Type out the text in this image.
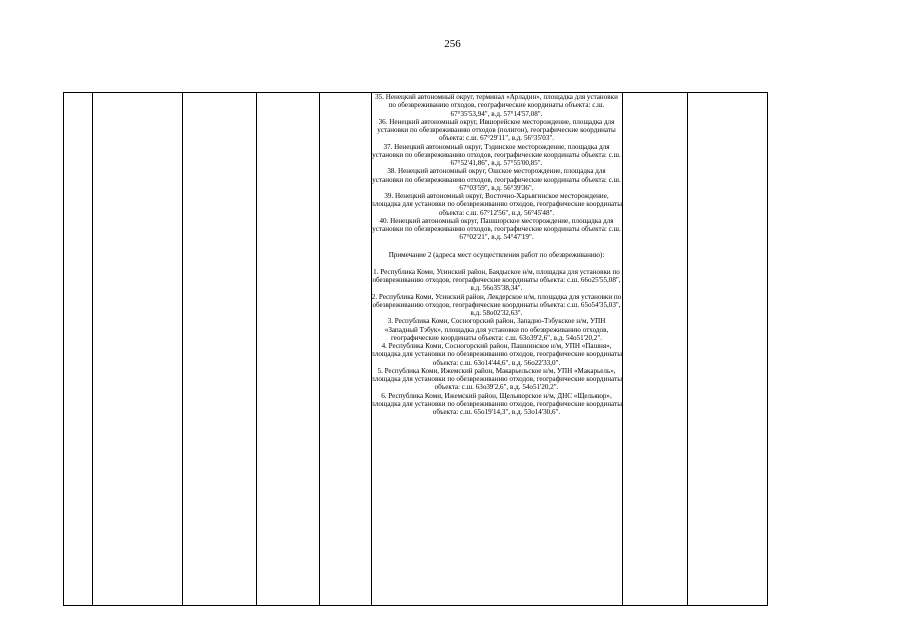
256

35. Ненецкий автономный округ, терминал «Арладин», площадка для установки по обезвреживанию отходов, географические координаты объекта: с.ш. 67°35'53,94", в.д. 57°14'57,08".

36. Ненецкий автономный округ, Ившорейское месторождение, площадка для установки по обезвреживанию отходов (полигон), географические координаты объекта: с.ш. 67°29'11", в.д. 56°35'03".

37. Ненецкий автономный округ, Тэдинское месторождение, площадка для установки по обезвреживанию отходов, географические координаты объекта: с.ш. 67°52'41,86", в.д. 57°55'00,85".

38. Ненецкий автономный округ, Ошское месторождение, площадка для установки по обезвреживанию отходов, географические координаты объекта: с.ш. 67°03'59", в.д. 56°39'36".

39. Ненецкий автономный округ, Восточно-Харьягинское месторождение, площадка для установки по обезвреживанию отходов, географические координаты объекта: с.ш. 67°12'56", в.д. 56°45'48".

40. Ненецкий автономный округ, Пашшорское месторождение, площадка для установки по обезвреживанию отходов, географические координаты объекта: с.ш. 67°02'21", в.д. 54°47'19".

Примечание 2 (адреса мест осуществления работ по обезвреживанию):

1. Республика Коми, Усинский район, Баядыское н/м, площадка для установки по обезвреживанию отходов, географические координаты объекта: с.ш. 66о25'55,08", в.д. 56о35'38,34".

2. Республика Коми, Усинский район, Лекдерское н/м, площадка для установки по обезвреживанию отходов, географические координаты объекта: с.ш. 65о54'35,03", в.д. 58о02'32,63".

3. Республика Коми, Сосногорский район, Западно-Тэбукское н/м, УПН «Западный Тэбук», площадка для установки по обезвреживанию отходов, географические координаты объекта: с.ш. 63о39'2,6", в.д. 54о51'20,2".

4. Республика Коми, Сосногорский район, Пашнинское н/м, УПН «Пашня», площадка для установки по обезвреживанию отходов, географические координаты объекта: с.ш. 63о14'44,6", в.д. 56о22'33,0".

5. Республика Коми, Ижемский район, Макарьельское н/м, УПН «Макарьель», площадка для установки по обезвреживанию отходов, географические координаты объекта: с.ш. 63о39'2,6", в.д. 54о51'20,2".

6. Республика Коми, Ижемский район, Щельяюрское н/м, ДНС «Щельяюр», площадка для установки по обезвреживанию отходов, географические координаты объекта: с.ш. 65о19'14,3", в.д. 53о14'30,6".
